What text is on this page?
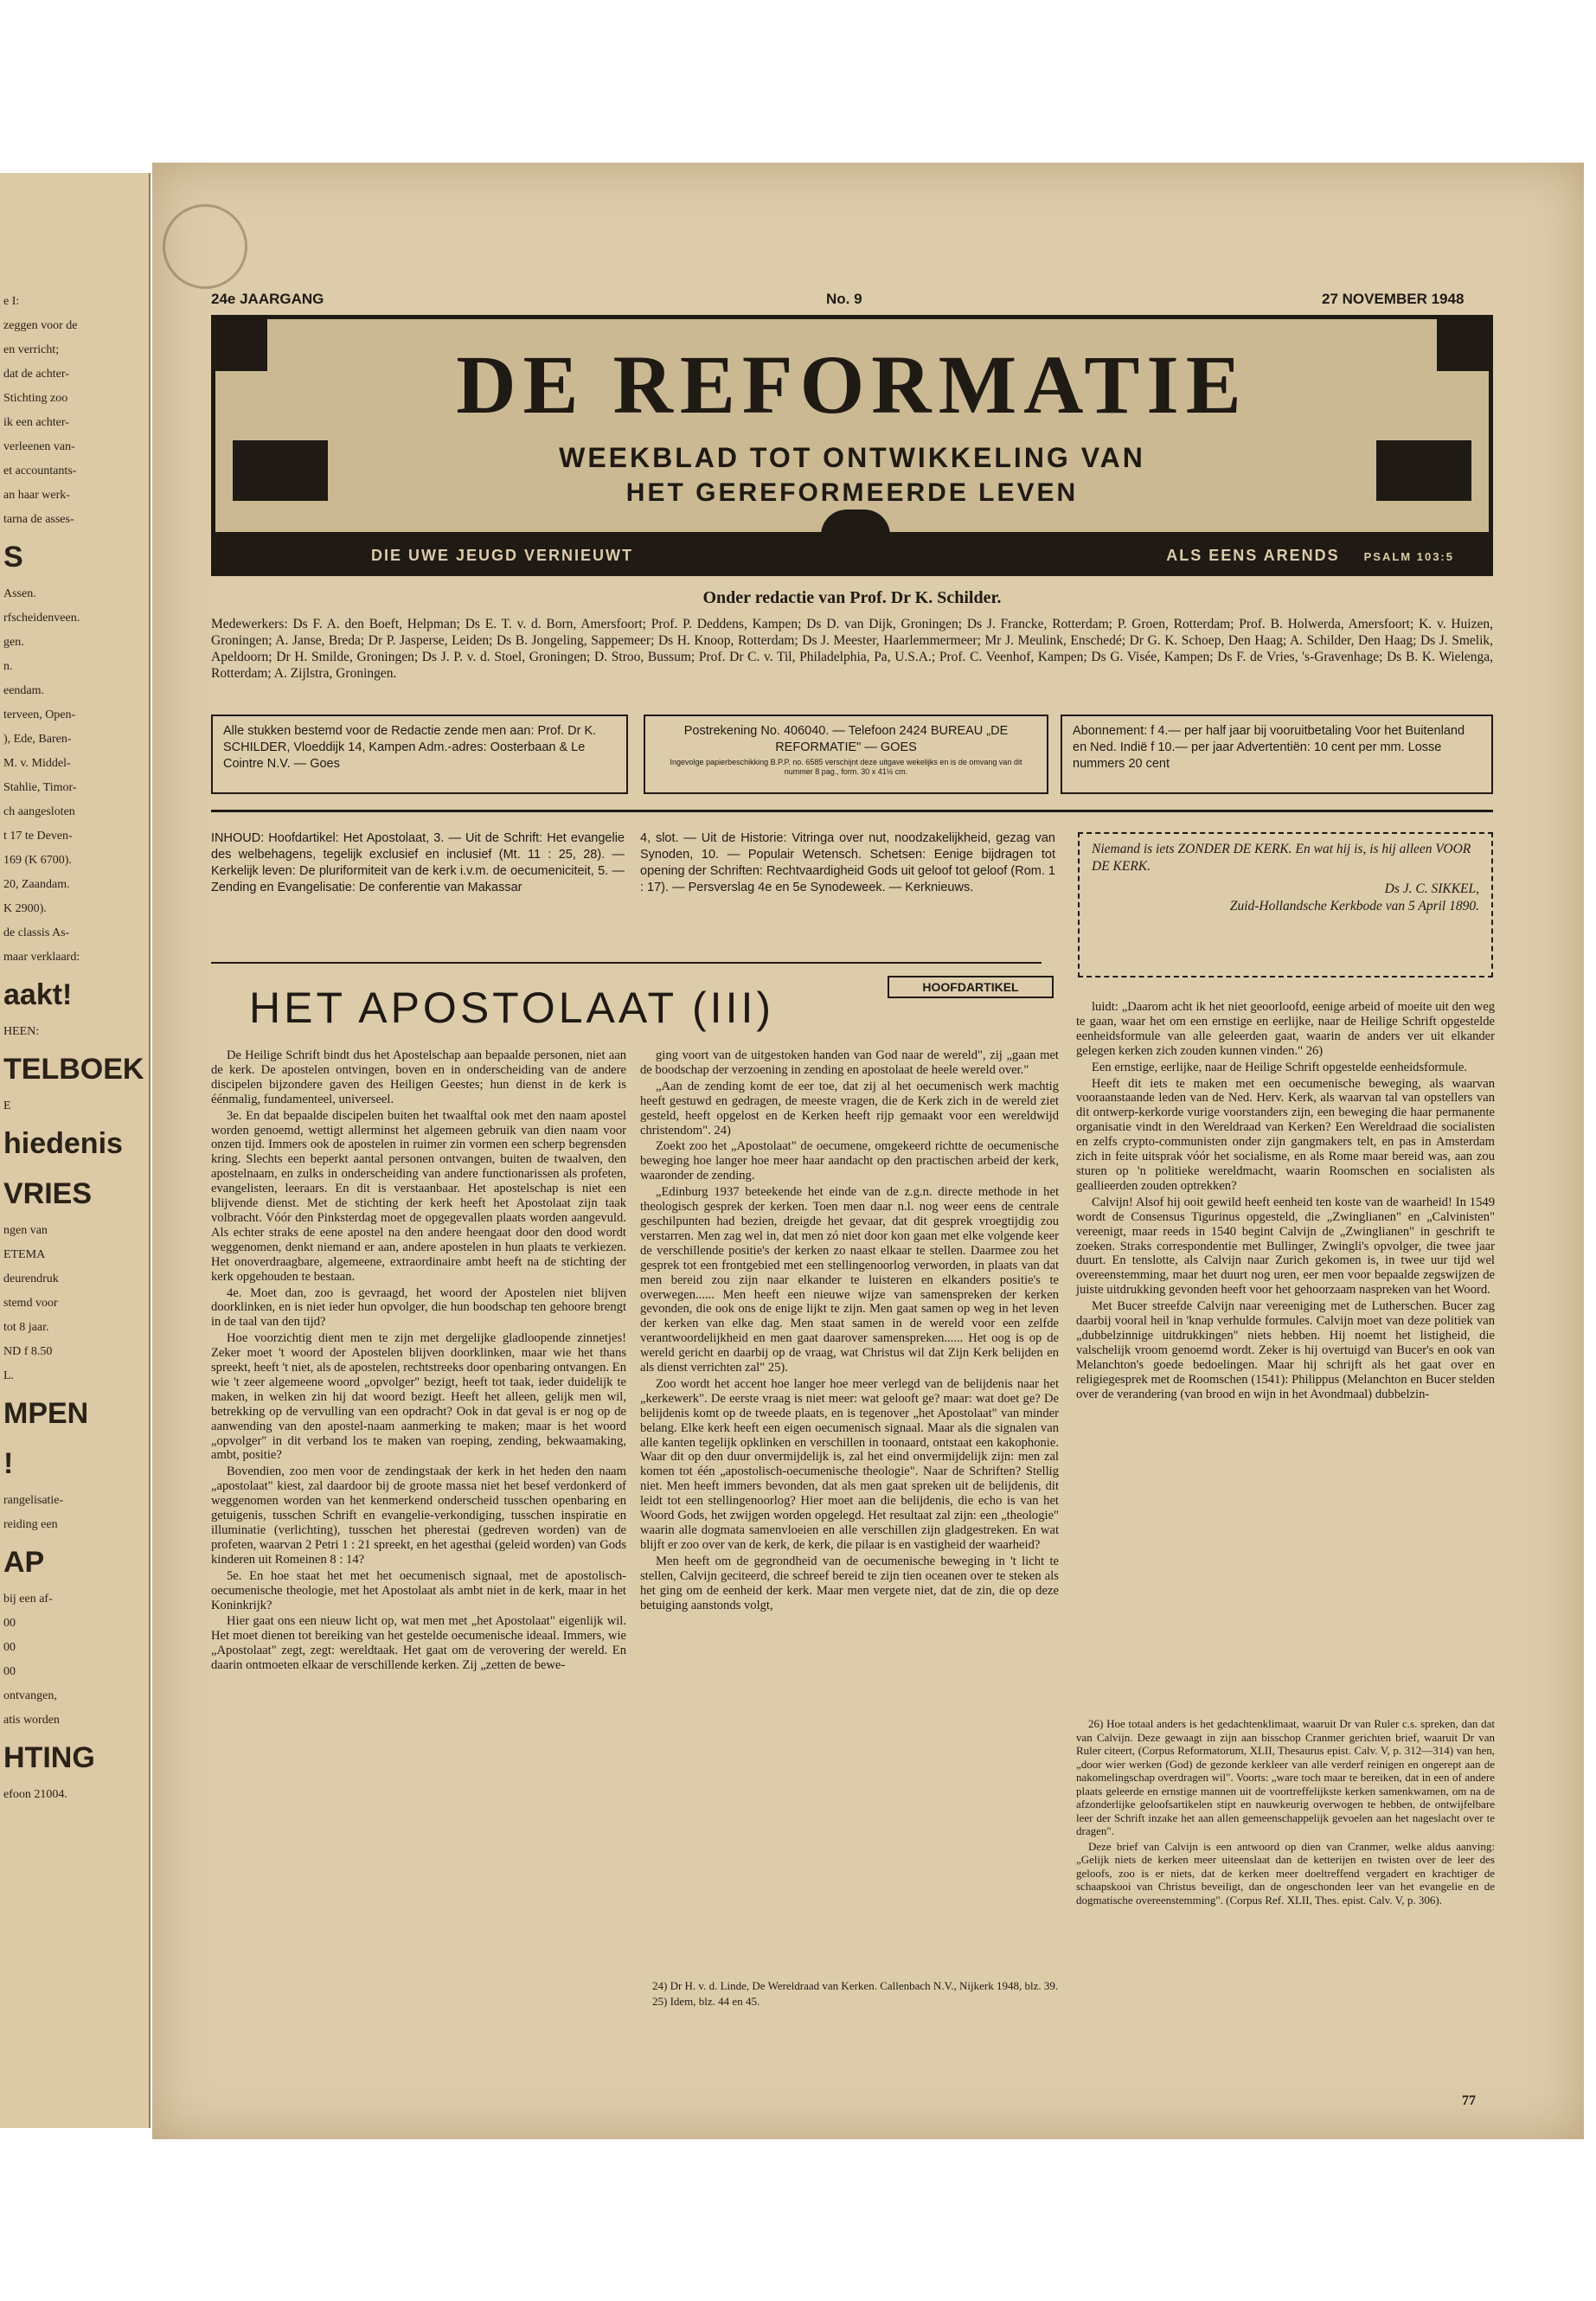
e I:
zeggen voor de
en verricht;
dat de achter-
Stichting zoo
ik een achter-
verleenen van-
et accountants-
an haar werk-
tarna de asses-
S
Assen.
rfscheidenveen.
gen.
n.
eendam.
terveen, Open-
), Ede, Baren-
M. v. Middel-
Stahlie, Timor-
ch aangesloten
t 17 te Deven-
169 (K 6700).
20, Zaandam.
K 2900).
de classis As-
maar verklaard:
aakt!
HEEN:
TELBOEK
E
hiedenis
VRIES
ngen van
ETEMA
deurendruk
stemd voor
tot 8 jaar.
ND f 8.50
L.
MPEN
!
rangelisatie-
reiding een
AP
bij een af-
00
00
00
ontvangen,
atis worden
HTING
efoon 21004.
24e JAARGANG	No. 9	27 NOVEMBER 1948
DE REFORMATIE
WEEKBLAD TOT ONTWIKKELING VAN
HET GEREFORMEERDE LEVEN
DIE UWE JEUGD VERNIEUWT	ALS EENS ARENDS PSALM 103:5
Onder redactie van Prof. Dr K. Schilder.
Medewerkers: Ds F. A. den Boeft, Helpman; Ds E. T. v. d. Born, Amersfoort; Prof. P. Deddens, Kampen; Ds D. van Dijk, Groningen; Ds J. Francke, Rotterdam; P. Groen, Rotterdam; Prof. B. Holwerda, Amersfoort; K. v. Huizen, Groningen; A. Janse, Breda; Dr P. Jasperse, Leiden; Ds B. Jongeling, Sappemeer; Ds H. Knoop, Rotterdam; Ds J. Meester, Haarlemmermeer; Mr J. Meulink, Enschedé; Dr G. K. Schoep, Den Haag; A. Schilder, Den Haag; Ds J. Smelik, Apeldoorn; Dr H. Smilde, Groningen; Ds J. P. v. d. Stoel, Groningen; D. Stroo, Bussum; Prof. Dr C. v. Til, Philadelphia, Pa, U.S.A.; Prof. C. Veenhof, Kampen; Ds G. Visée, Kampen; Ds F. de Vries, 's-Gravenhage; Ds B. K. Wielenga, Rotterdam; A. Zijlstra, Groningen.
Alle stukken bestemd voor de Redactie zende men aan: Prof. Dr K. SCHILDER, Vloeddijk 14, Kampen Adm.-adres: Oosterbaan & Le Cointre N.V. — Goes
Postrekening No. 406040. — Telefoon 2424 BUREAU „DE REFORMATIE" — GOES
Ingevolge papierbeschikking B.P.P. no. 6585 verschijnt deze uitgave wekelijks en is de omvang van dit nummer 8 pag., form. 30 x 41½ cm.
Abonnement: f 4.— per half jaar bij vooruitbetaling Voor het Buitenland en Ned. Indië f 10.— per jaar Advertentiën: 10 cent per mm. Losse nummers 20 cent
INHOUD: Hoofdartikel: Het Apostolaat, 3. — Uit de Schrift: Het evangelie des welbehagens, tegelijk exclusief en inclusief (Mt. 11 : 25, 28). — Kerkelijk leven: De pluriformiteit van de kerk i.v.m. de oecumeniciteit, 5. — Zending en Evangelisatie: De conferentie van Makassar
4, slot. — Uit de Historie: Vitringa over nut, noodzakelijkheid, gezag van Synoden, 10. — Populair Wetensch. Schetsen: Eenige bijdragen tot opening der Schriften: Rechtvaardigheid Gods uit geloof tot geloof (Rom. 1 : 17). — Persverslag 4e en 5e Synodeweek. — Kerknieuws.
Niemand is iets ZONDER DE KERK. En wat hij is, is hij alleen VOOR DE KERK.
Ds J. C. SIKKEL,
Zuid-Hollandsche Kerkbode van 5 April 1890.
HOOFDARTIKEL
HET APOSTOLAAT (III)

De Heilige Schrift bindt dus het Apostelschap aan bepaalde personen, niet aan de kerk. De apostelen ontvingen, boven en in onderscheiding van de andere discipelen bijzondere gaven des Heiligen Geestes; hun dienst in de kerk is éénmalig, fundamenteel, universeel.

3e. En dat bepaalde discipelen buiten het twaalftal ook met den naam apostel worden genoemd, wettigt allerminst het algemeen gebruik van dien naam voor onzen tijd. Immers ook de apostelen in ruimer zin vormen een scherp begrensden kring. Slechts een beperkt aantal personen ontvangen, buiten de twaalven, den apostelnaam, en zulks in onderscheiding van andere functionarissen als profeten, evangelisten, leeraars. En dit is verstaanbaar. Het apostelschap is niet een blijvende dienst. Met de stichting der kerk heeft het Apostolaat zijn taak volbracht. Vóór den Pinksterdag moet de opgegevallen plaats worden aangevuld. Als echter straks de eene apostel na den andere heengaat door den dood wordt weggenomen, denkt niemand er aan, andere apostelen in hun plaats te verkiezen. Het onoverdraagbare, algemeene, extraordinaire ambt heeft na de stichting der kerk opgehouden te bestaan.

4e. Moet dan, zoo is gevraagd, het woord der Apostelen niet blijven doorklinken, en is niet ieder hun opvolger, die hun boodschap ten gehoore brengt in de taal van den tijd?

Hoe voorzichtig dient men te zijn met dergelijke gladloopende zinnetjes! Zeker moet 't woord der Apostelen blijven doorklinken, maar wie het thans spreekt, heeft 't niet, als de apostelen, rechtstreeks door openbaring ontvangen. En wie 't zeer algemeene woord „opvolger" bezigt, heeft tot taak, ieder duidelijk te maken, in welken zin hij dat woord bezigt. Heeft het alleen, gelijk men wil, betrekking op de vervulling van een opdracht? Ook in dat geval is er nog op de aanwending van den apostel-naam aanmerking te maken; maar is het woord „opvolger" in dit verband los te maken van roeping, zending, bekwaamaking, ambt, positie?

Bovendien, zoo men voor de zendingstaak der kerk in het heden den naam „apostolaat" kiest, zal daardoor bij de groote massa niet het besef verdonkerd of weggenomen worden van het kenmerkend onderscheid tusschen openbaring en getuigenis, tusschen Schrift en evangelie-verkondiging, tusschen inspiratie en illuminatie (verlichting), tusschen het pherestai (gedreven worden) van de profeten, waarvan 2 Petri 1 : 21 spreekt, en het agesthai (geleid worden) van Gods kinderen uit Romeinen 8 : 14?

5e. En hoe staat het met het oecumenisch signaal, met de apostolisch-oecumenische theologie, met het Apostolaat als ambt niet in de kerk, maar in het Koninkrijk?

Hier gaat ons een nieuw licht op, wat men met „het Apostolaat" eigenlijk wil. Het moet dienen tot bereiking van het gestelde oecumenische ideaal. Immers, wie „Apostolaat" zegt, zegt: wereldtaak. Het gaat om de verovering der wereld. En daarin ontmoeten elkaar de verschillende kerken. Zij „zetten de bewe-

ging voort van de uitgestoken handen van God naar de wereld", zij „gaan met de boodschap der verzoening in zending en apostolaat de heele wereld over."

„Aan de zending komt de eer toe, dat zij al het oecumenisch werk machtig heeft gestuwd en gedragen, de meeste vragen, die de Kerk zich in de wereld ziet gesteld, heeft opgelost en de Kerken heeft rijp gemaakt voor een wereldwijd christendom". 24)

Zoekt zoo het „Apostolaat" de oecumene, omgekeerd richtte de oecumenische beweging hoe langer hoe meer haar aandacht op den practischen arbeid der kerk, waaronder de zending.

„Edinburg 1937 beteekende het einde van de z.g.n. directe methode in het theologisch gesprek der kerken. Toen men daar n.l. nog weer eens de centrale geschilpunten had bezien, dreigde het gevaar, dat dit gesprek vroegtijdig zou verstarren. Men zag wel in, dat men zó niet door kon gaan met elke volgende keer de verschillende positie's der kerken zo naast elkaar te stellen. Daarmee zou het gesprek tot een frontgebied met een stellingenoorlog verworden, in plaats van dat men bereid zou zijn naar elkander te luisteren en elkanders positie's te overwegen...... Men heeft een nieuwe wijze van samenspreken der kerken gevonden, die ook ons de enige lijkt te zijn. Men gaat samen op weg in het leven der kerken van elke dag. Men staat samen in de wereld voor een zelfde verantwoordelijkheid en men gaat daarover samenspreken...... Het oog is op de wereld gericht en daarbij op de vraag, wat Christus wil dat Zijn Kerk belijden en als dienst verrichten zal" 25).

Zoo wordt het accent hoe langer hoe meer verlegd van de belijdenis naar het „kerkewerk". De eerste vraag is niet meer: wat gelooft ge? maar: wat doet ge? De belijdenis komt op de tweede plaats, en is tegenover „het Apostolaat" van minder belang. Elke kerk heeft een eigen oecumenisch signaal. Maar als die signalen van alle kanten tegelijk opklinken en verschillen in toonaard, ontstaat een kakophonie. Waar dit op den duur onvermijdelijk is, zal het eind onvermijdelijk zijn: men zal komen tot één „apostolisch-oecumenische theologie". Naar de Schriften? Stellig niet. Men heeft immers bevonden, dat als men gaat spreken uit de belijdenis, dit leidt tot een stellingenoorlog? Hier moet aan die belijdenis, die echo is van het Woord Gods, het zwijgen worden opgelegd. Het resultaat zal zijn: een „theologie" waarin alle dogmata samenvloeien en alle verschillen zijn gladgestreken. En wat blijft er zoo over van de kerk, de kerk, die pilaar is en vastigheid der waarheid?

Men heeft om de gegrondheid van de oecumenische beweging in 't licht te stellen, Calvijn geciteerd, die schreef bereid te zijn tien oceanen over te steken als het ging om de eenheid der kerk. Maar men vergete niet, dat de zin, die op deze betuiging aanstonds volgt,

24) Dr H. v. d. Linde, De Wereldraad van Kerken. Callenbach N.V., Nijkerk 1948, blz. 39.

25) Idem, blz. 44 en 45.

luidt: „Daarom acht ik het niet geoorloofd, eenige arbeid of moeite uit den weg te gaan, waar het om een ernstige en eerlijke, naar de Heilige Schrift opgestelde eenheidsformule van alle geleerden gaat, waarin de anders ver uit elkander gelegen kerken zich zouden kunnen vinden." 26)

Een ernstige, eerlijke, naar de Heilige Schrift opgestelde eenheidsformule.

Heeft dit iets te maken met een oecumenische beweging, als waarvan vooraanstaande leden van de Ned. Herv. Kerk, als waarvan tal van opstellers van dit ontwerp-kerkorde vurige voorstanders zijn, een beweging die haar permanente organisatie vindt in den Wereldraad van Kerken? Een Wereldraad die socialisten en zelfs crypto-communisten onder zijn gangmakers telt, en pas in Amsterdam zich in feite uitsprak vóór het socialisme, en als Rome maar bereid was, aan zou sturen op 'n politieke wereldmacht, waarin Roomschen en socialisten als geallieerden zouden optrekken?

Calvijn! Alsof hij ooit gewild heeft eenheid ten koste van de waarheid! In 1549 wordt de Consensus Tigurinus opgesteld, die „Zwinglianen" en „Calvinisten" vereenigt, maar reeds in 1540 begint Calvijn de „Zwinglianen" in geschrift te zoeken. Straks correspondentie met Bullinger, Zwingli's opvolger, die twee jaar duurt. En tenslotte, als Calvijn naar Zurich gekomen is, in twee uur tijd wel overeenstemming, maar het duurt nog uren, eer men voor bepaalde zegswijzen de juiste uitdrukking gevonden heeft voor het gehoorzaam naspreken van het Woord.

Met Bucer streefde Calvijn naar vereeniging met de Lutherschen. Bucer zag daarbij vooral heil in 'knap verhulde formules. Calvijn moet van deze politiek van „dubbelzinnige uitdrukkingen" niets hebben. Hij noemt het listigheid, die valschelijk vroom genoemd wordt. Zeker is hij overtuigd van Bucer's en ook van Melanchton's goede bedoelingen. Maar hij schrijft als het gaat over en religiegesprek met de Roomschen (1541): Philippus (Melanchton en Bucer stelden over de verandering (van brood en wijn in het Avondmaal) dubbelzin-

26) Hoe totaal anders is het gedachtenklimaat, waaruit Dr van Ruler c.s. spreken, dan dat van Calvijn. Deze gewaagt in zijn aan bisschop Cranmer gerichten brief, waaruit Dr van Ruler citeert, (Corpus Reformatorum, XLII, Thesaurus epist. Calv. V, p. 312—314) van hen, „door wier werken (God) de gezonde kerkleer van alle verderf reinigen en ongerept aan de nakomelingschap overdragen wil". Voorts: „ware toch maar te bereiken, dat in een of andere plaats geleerde en ernstige mannen uit de voortreffelijkste kerken samenkwamen, om na de afzonderlijke geloofsartikelen stipt en nauwkeurig overwogen te hebben, de ontwijfelbare leer der Schrift inzake het aan allen gemeenschappelijk gevoelen aan het nageslacht over te dragen".

Deze brief van Calvijn is een antwoord op dien van Cranmer, welke aldus aanving: „Gelijk niets de kerken meer uiteenslaat dan de ketterijen en twisten over de leer des geloofs, zoo is er niets, dat de kerken meer doeltreffend vergadert en krachtiger de schaapskooi van Christus beveiligt, dan de ongeschonden leer van het evangelie en de dogmatische overeenstemming". (Corpus Ref. XLII, Thes. epist. Calv. V, p. 306).

77
